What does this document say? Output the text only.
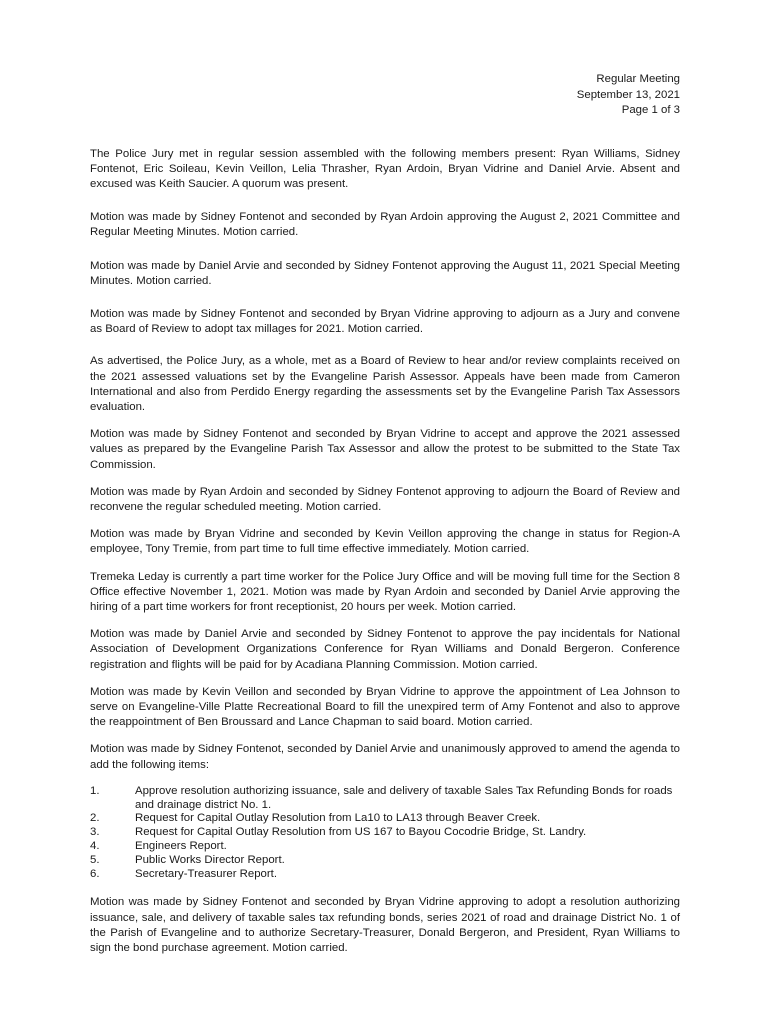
Regular Meeting
September 13, 2021
Page 1 of 3

The Police Jury met in regular session assembled with the following members present: Ryan Williams, Sidney Fontenot, Eric Soileau, Kevin Veillon, Lelia Thrasher, Ryan Ardoin, Bryan Vidrine and Daniel Arvie. Absent and excused was Keith Saucier. A quorum was present.

Motion was made by Sidney Fontenot and seconded by Ryan Ardoin approving the August 2, 2021 Committee and Regular Meeting Minutes. Motion carried.

Motion was made by Daniel Arvie and seconded by Sidney Fontenot approving the August 11, 2021 Special Meeting Minutes. Motion carried.

Motion was made by Sidney Fontenot and seconded by Bryan Vidrine approving to adjourn as a Jury and convene as Board of Review to adopt tax millages for 2021. Motion carried.

As advertised, the Police Jury, as a whole, met as a Board of Review to hear and/or review complaints received on the 2021 assessed valuations set by the Evangeline Parish Assessor. Appeals have been made from Cameron International and also from Perdido Energy regarding the assessments set by the Evangeline Parish Tax Assessors evaluation.

Motion was made by Sidney Fontenot and seconded by Bryan Vidrine to accept and approve the 2021 assessed values as prepared by the Evangeline Parish Tax Assessor and allow the protest to be submitted to the State Tax Commission.

Motion was made by Ryan Ardoin and seconded by Sidney Fontenot approving to adjourn the Board of Review and reconvene the regular scheduled meeting. Motion carried.

Motion was made by Bryan Vidrine and seconded by Kevin Veillon approving the change in status for Region-A employee, Tony Tremie, from part time to full time effective immediately. Motion carried.

Tremeka Leday is currently a part time worker for the Police Jury Office and will be moving full time for the Section 8 Office effective November 1, 2021. Motion was made by Ryan Ardoin and seconded by Daniel Arvie approving the hiring of a part time workers for front receptionist, 20 hours per week. Motion carried.

Motion was made by Daniel Arvie and seconded by Sidney Fontenot to approve the pay incidentals for National Association of Development Organizations Conference for Ryan Williams and Donald Bergeron. Conference registration and flights will be paid for by Acadiana Planning Commission. Motion carried.

Motion was made by Kevin Veillon and seconded by Bryan Vidrine to approve the appointment of Lea Johnson to serve on Evangeline-Ville Platte Recreational Board to fill the unexpired term of Amy Fontenot and also to approve the reappointment of Ben Broussard and Lance Chapman to said board. Motion carried.

Motion was made by Sidney Fontenot, seconded by Daniel Arvie and unanimously approved to amend the agenda to add the following items:

1.	Approve resolution authorizing issuance, sale and delivery of taxable Sales Tax Refunding Bonds for roads and drainage district No. 1.
2.	Request for Capital Outlay Resolution from La10 to LA13 through Beaver Creek.
3.	Request for Capital Outlay Resolution from US 167 to Bayou Cocodrie Bridge, St. Landry.
4.	Engineers Report.
5.	Public Works Director Report.
6.	Secretary-Treasurer Report.

Motion was made by Sidney Fontenot and seconded by Bryan Vidrine approving to adopt a resolution authorizing issuance, sale, and delivery of taxable sales tax refunding bonds, series 2021 of road and drainage District No. 1 of the Parish of Evangeline and to authorize Secretary-Treasurer, Donald Bergeron, and President, Ryan Williams to sign the bond purchase agreement. Motion carried.
